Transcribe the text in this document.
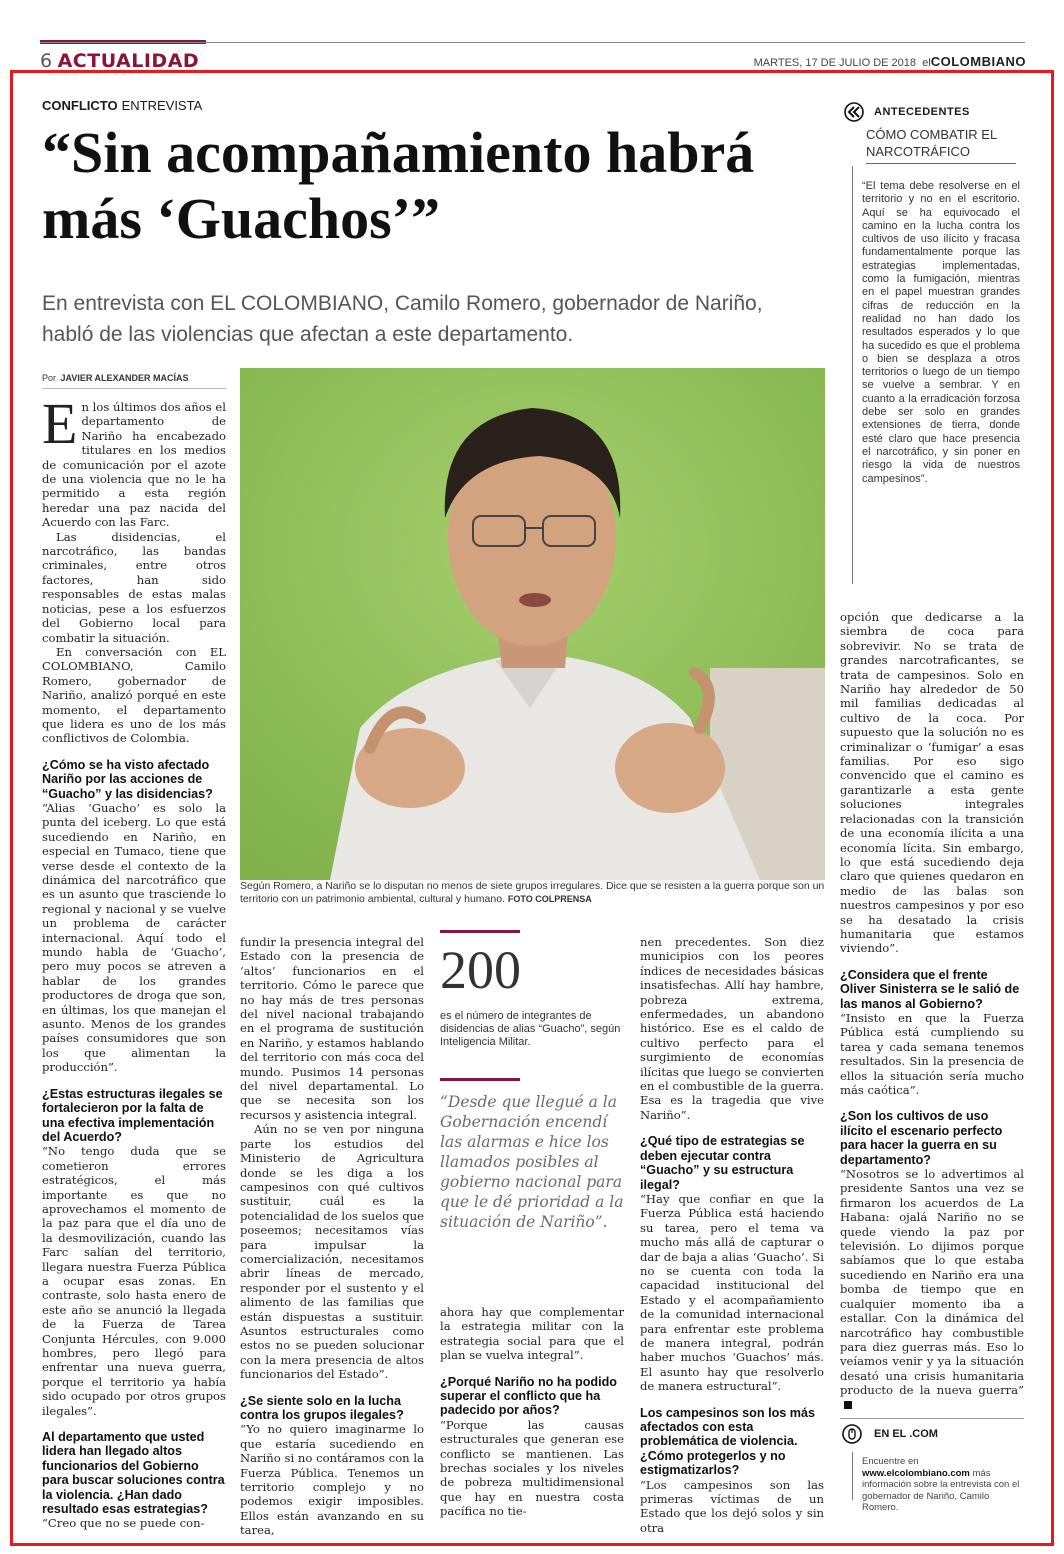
6 ACTUALIDAD	MARTES, 17 DE JULIO DE 2018 elCOLOMBIANO
CONFLICTO ENTREVISTA
“Sin acompañamiento habrá más ‘Guachos’”

En entrevista con EL COLOMBIANO, Camilo Romero, gobernador de Nariño, habló de las violencias que afectan a este departamento.

Por JAVIER ALEXANDER MACÍAS

En los últimos dos años el departamento de Nariño ha encabezado titulares en los medios de comunicación por el azote de una violencia que no le ha permitido a esta región heredar una paz nacida del Acuerdo con las Farc.

Las disidencias, el narcotráfico, las bandas criminales, entre otros factores, han sido responsables de estas malas noticias, pese a los esfuerzos del Gobierno local para combatir la situación.

En conversación con EL COLOMBIANO, Camilo Romero, gobernador de Nariño, analizó porqué en este momento, el departamento que lidera es uno de los más conflictivos de Colombia.

¿Cómo se ha visto afectado Nariño por las acciones de “Guacho” y las disidencias?

“Alias ‘Guacho’ es solo la punta del iceberg. Lo que está sucediendo en Nariño, en especial en Tumaco, tiene que verse desde el contexto de la dinámica del narcotráfico que es un asunto que trasciende lo regional y nacional y se vuelve un problema de carácter internacional. Aquí todo el mundo habla de ‘Guacho’, pero muy pocos se atreven a hablar de los grandes productores de droga que son, en últimas, los que manejan el asunto. Menos de los grandes países consumidores que son los que alimentan la producción”.

¿Estas estructuras ilegales se fortalecieron por la falta de una efectiva implementación del Acuerdo?

“No tengo duda que se cometieron errores estratégicos, el más importante es que no aprovechamos el momento de la paz para que el día uno de la desmovilización, cuando las Farc salían del territorio, llegara nuestra Fuerza Pública a ocupar esas zonas. En contraste, solo hasta enero de este año se anunció la llegada de la Fuerza de Tarea Conjunta Hércules, con 9.000 hombres, pero llegó para enfrentar una nueva guerra, porque el territorio ya había sido ocupado por otros grupos ilegales”.

Al departamento que usted lidera han llegado altos funcionarios del Gobierno para buscar soluciones contra la violencia. ¿Han dado resultado esas estrategias?

“Creo que no se puede con-

Según Romero, a Nariño se lo disputan no menos de siete grupos irregulares. Dice que se resisten a la guerra porque son un territorio con un patrimonio ambiental, cultural y humano. FOTO COLPRENSA

fundir la presencia integral del Estado con la presencia de ‘altos’ funcionarios en el territorio. Cómo le parece que no hay más de tres personas del nivel nacional trabajando en el programa de sustitución en Nariño, y estamos hablando del territorio con más coca del mundo. Pusimos 14 personas del nivel departamental. Lo que se necesita son los recursos y asistencia integral.

Aún no se ven por ninguna parte los estudios del Ministerio de Agricultura donde se les diga a los campesinos con qué cultivos sustituir, cuál es la potencialidad de los suelos que poseemos; necesitamos vías para impulsar la comercialización, necesitamos abrir líneas de mercado, responder por el sustento y el alimento de las familias que están dispuestas a sustituir. Asuntos estructurales como estos no se pueden solucionar con la mera presencia de altos funcionarios del Estado”.

¿Se siente solo en la lucha contra los grupos ilegales?

“Yo no quiero imaginarme lo que estaría sucediendo en Nariño si no contáramos con la Fuerza Pública. Tenemos un territorio complejo y no podemos exigir imposibles. Ellos están avanzando en su tarea,

200
es el número de integrantes de disidencias de alias “Guacho”, según Inteligencia Militar.
“Desde que llegué a la Gobernación encendí las alarmas e hice los llamados posibles al gobierno nacional para que le dé prioridad a la situación de Nariño”.

ahora hay que complementar la estrategia militar con la estrategia social para que el plan se vuelva integral”.

¿Porqué Nariño no ha podido superar el conflicto que ha padecido por años?

“Porque las causas estructurales que generan ese conflicto se mantienen. Las brechas sociales y los niveles de pobreza multidimensional que hay en nuestra costa pacífica no tie-

nen precedentes. Son diez municipios con los peores índices de necesidades básicas insatisfechas. Allí hay hambre, pobreza extrema, enfermedades, un abandono histórico. Ese es el caldo de cultivo perfecto para el surgimiento de economías ilícitas que luego se convierten en el combustible de la guerra. Esa es la tragedia que vive Nariño”.

¿Qué tipo de estrategias se deben ejecutar contra “Guacho” y su estructura ilegal?

“Hay que confiar en que la Fuerza Pública está haciendo su tarea, pero el tema va mucho más allá de capturar o dar de baja a alias ‘Guacho’. Si no se cuenta con toda la capacidad institucional del Estado y el acompañamiento de la comunidad internacional para enfrentar este problema de manera integral, podrán haber muchos ‘Guachos’ más. El asunto hay que resolverlo de manera estructural”.

Los campesinos son los más afectados con esta problemática de violencia. ¿Cómo protegerlos y no estigmatizarlos?

“Los campesinos son las primeras víctimas de un Estado que los dejó solos y sin otra

ANTECEDENTES
CÓMO COMBATIR EL NARCOTRÁFICO
“El tema debe resolverse en el territorio y no en el escritorio. Aquí se ha equivocado el camino en la lucha contra los cultivos de uso ilícito y fracasa fundamentalmente porque las estrategias implementadas, como la fumigación, mientras en el papel muestran grandes cifras de reducción en la realidad no han dado los resultados esperados y lo que ha sucedido es que el problema o bien se desplaza a otros territorios o luego de un tiempo se vuelve a sembrar. Y en cuanto a la erradicación forzosa debe ser solo en grandes extensiones de tierra, donde esté claro que hace presencia el narcotráfico, y sin poner en riesgo la vida de nuestros campesinos”.

opción que dedicarse a la siembra de coca para sobrevivir. No se trata de grandes narcotraficantes, se trata de campesinos. Solo en Nariño hay alrededor de 50 mil familias dedicadas al cultivo de la coca. Por supuesto que la solución no es criminalizar o ‘fumigar’ a esas familias. Por eso sigo convencido que el camino es garantizarle a esta gente soluciones integrales relacionadas con la transición de una economía ilícita a una economía lícita. Sin embargo, lo que está sucediendo deja claro que quienes quedaron en medio de las balas son nuestros campesinos y por eso se ha desatado la crisis humanitaria que estamos viviendo”.

¿Considera que el frente Oliver Sinisterra se le salió de las manos al Gobierno?

“Insisto en que la Fuerza Pública está cumpliendo su tarea y cada semana tenemos resultados. Sin la presencia de ellos la situación sería mucho más caótica”.

¿Son los cultivos de uso ilícito el escenario perfecto para hacer la guerra en su departamento?

“Nosotros se lo advertimos al presidente Santos una vez se firmaron los acuerdos de La Habana: ojalá Nariño no se quede viendo la paz por televisión. Lo dijimos porque sabíamos que lo que estaba sucediendo en Nariño era una bomba de tiempo que en cualquier momento iba a estallar. Con la dinámica del narcotráfico hay combustible para diez guerras más. Eso lo veíamos venir y ya la situación desató una crisis humanitaria producto de la nueva guerra”

EN EL .COM
Encuentre en www.elcolombiano.com más información sobre la entrevista con el gobernador de Nariño, Camilo Romero.
